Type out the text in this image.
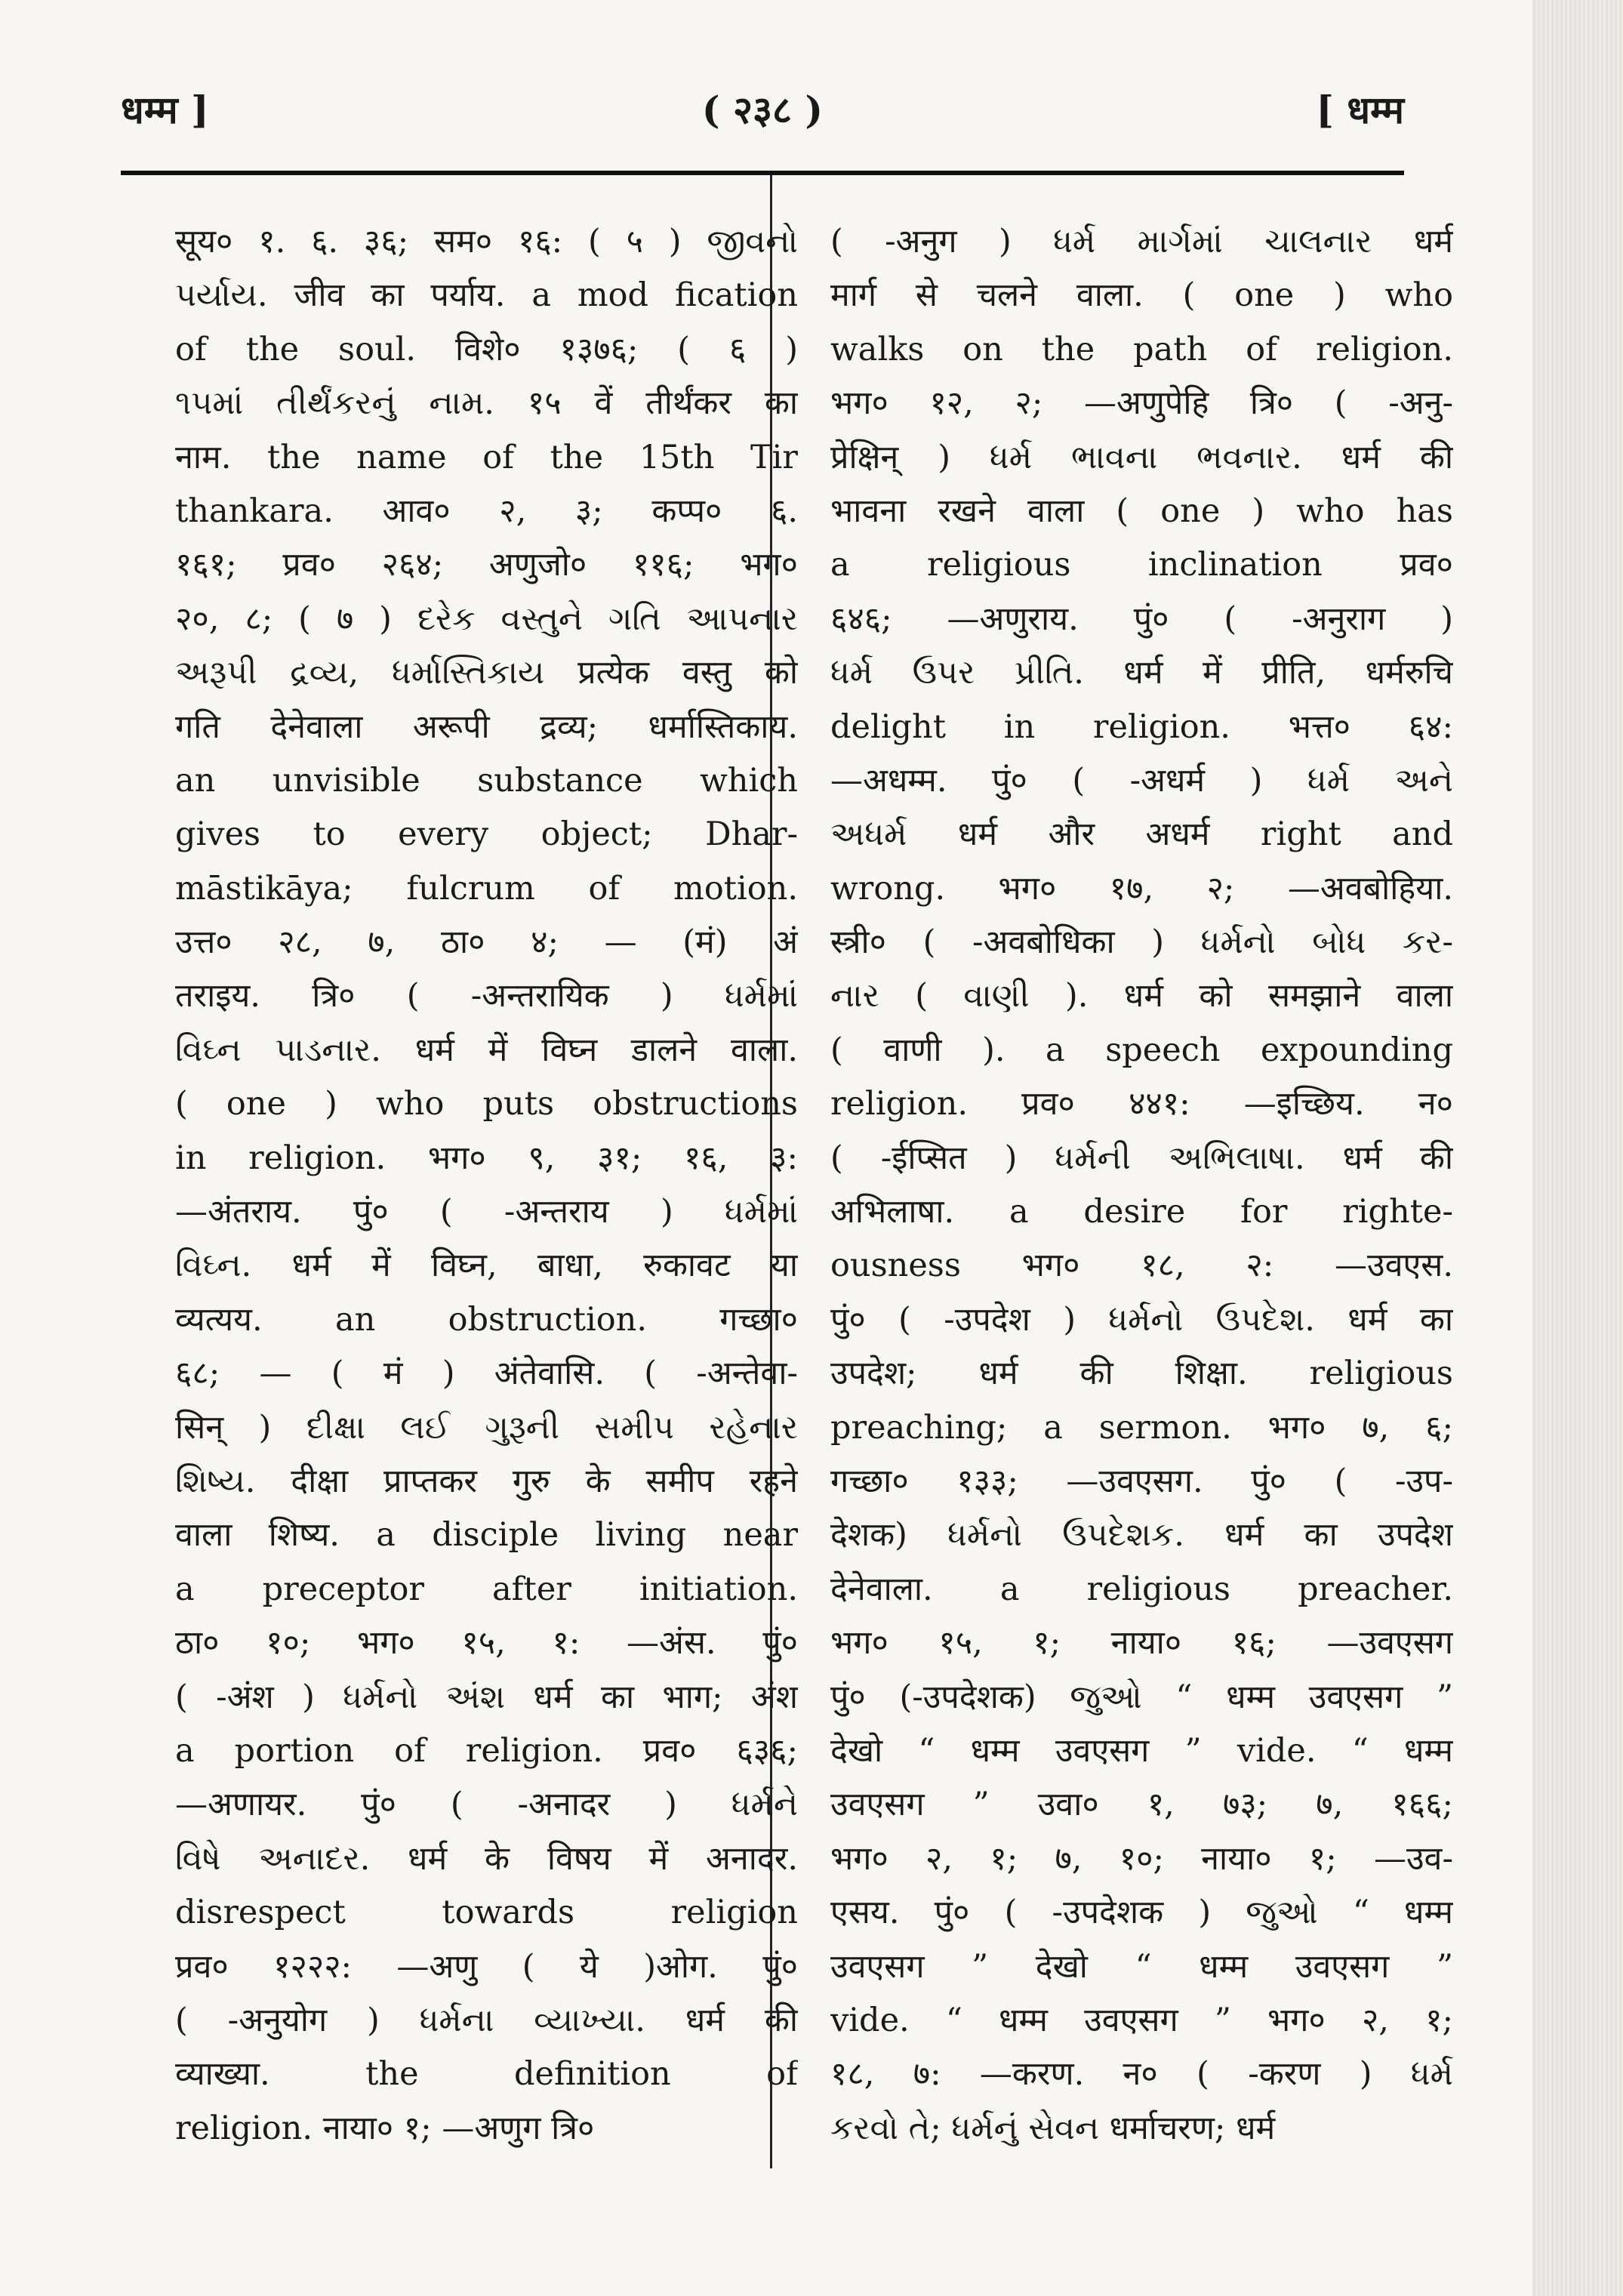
धम्म ]	( २३८ )	[ धम्म
सूय० १. ६. ३६; सम० १६: ( ५ ) જીવનો
પર્યાય. जीव का पर्याय. a mod fication
of the soul. विशे० १३७६; ( ६ )
૧૫માં તીર્થંકરનું નામ. १५ वें तीर्थंकर का
नाम. the name of the 15th Tir
thankara. आव० २, ३; कप्प० ६.
१६१; प्रव० २६४; अणुजो० ११६; भग०
२०, ८; ( ७ ) દરેક વસ્તુને ગતિ આપનાર
અરૂપી દ્રવ્ય, ધર્માસ્તિકાય प्रत्येक वस्तु को
गति देनेवाला अरूपी द्रव्य; धर्मास्तिकाय.
an unvisible substance which
gives to every object; Dhar-
māstikāya; fulcrum of motion.
उत्त० २८, ७, ठा० ४; — (मं) अं
तराइय. त्रि० ( -अन्तरायिक ) ધર્મમાં
વિઘ્ન પાડનાર. धर्म में विघ्न डालने वाला.
( one ) who puts obstructions
in religion. भग० ९, ३१; १६, ३:
—अंतराय. पुं० ( -अन्तराय ) ધર્મમાં
વિઘ્ન. धर्म में विघ्न, बाधा, रुकावट या
व्यत्यय. an obstruction. गच्छा०
६८; — ( मं ) अंतेवासि. ( -अन्तेवा-
सिन् ) દીક્ષા લઈ ગુરૂની સમીપ રહેનાર
શિષ્ય. दीक्षा प्राप्तकर गुरु के समीप रहने
वाला शिष्य. a disciple living near
a preceptor after initiation.
ठा० १०; भग० १५, १: —अंस. पुं०
( -अंश ) ધર્મનો અંશ धर्म का भाग; अंश
a portion of religion. प्रव० ६३६;
—अणायर. पुं० ( -अनादर ) ધર્મને
વિષે અનાદર. धर्म के विषय में अनादर.
disrespect towards religion
प्रव० १२२२: —अणु ( ये )ओग. पुं०
( -अनुयोग ) ધર્મના વ્યાખ્યા. धर्म की
व्याख्या. the definition of
religion. नाया० १; —अणुग त्रि०
( -अनुग ) ધર્મ માર્ગમાં ચાલનાર धर्म
मार्ग से चलने वाला. ( one ) who
walks on the path of religion.
भग० १२, २; —अणुपेहि त्रि० ( -अनु-
प्रेक्षिन् ) ધર્મ ભાવના ભવનાર. धर्म की
भावना रखने वाला ( one ) who has
a religious inclination प्रव०
६४६; —अणुराय. पुं० ( -अनुराग )
ધર્મ ઉપર પ્રીતિ. धर्म में प्रीति, धर्मरुचि
delight in religion. भत्त० ६४:
—अधम्म. पुं० ( -अधर्म ) ધર્મ અને
અધર્મ धर्म और अधर्म right and
wrong. भग० १७, २; —अवबोहिया.
स्त्री० ( -अवबोधिका ) ધર્મનો બોધ કર-
નાર ( વાણી ). धर्म को समझाने वाला
( वाणी ). a speech expounding
religion. प्रव० ४४१: —इच्छिय. न०
( -ईप्सित ) ધર્મની અભિલાષા. धर्म की
अभिलाषा. a desire for righte-
ousness भग० १८, २: —उवएस.
पुं० ( -उपदेश ) ધર્મનો ઉપદેશ. धर्म का
उपदेश; धर्म की शिक्षा. religious
preaching; a sermon. भग० ७, ६;
गच्छा० १३३; —उवएसग. पुं० ( -उप-
देशक) ધર્મનો ઉપદેશક. धर्म का उपदेश
देनेवाला. a religious preacher.
भग० १५, १; नाया० १६; —उवएसग
पुं० (-उपदेशक) જુઓ “ धम्म उवएसग ”
देखो “ धम्म उवएसग ” vide. “ धम्म
उवएसग ” उवा० १, ७३; ७, १६६;
भग० २, १; ७, १०; नाया० १; —उव-
एसय. पुं० ( -उपदेशक ) જુઓ “ धम्म
उवएसग ” देखो “ धम्म उवएसग ”
vide. “ धम्म उवएसग ” भग० २, १;
१८, ७: —करण. न० ( -करण ) ધર્મ
કરવો તે; ધર્મનું સેવન धर्माचरण; धर्म
